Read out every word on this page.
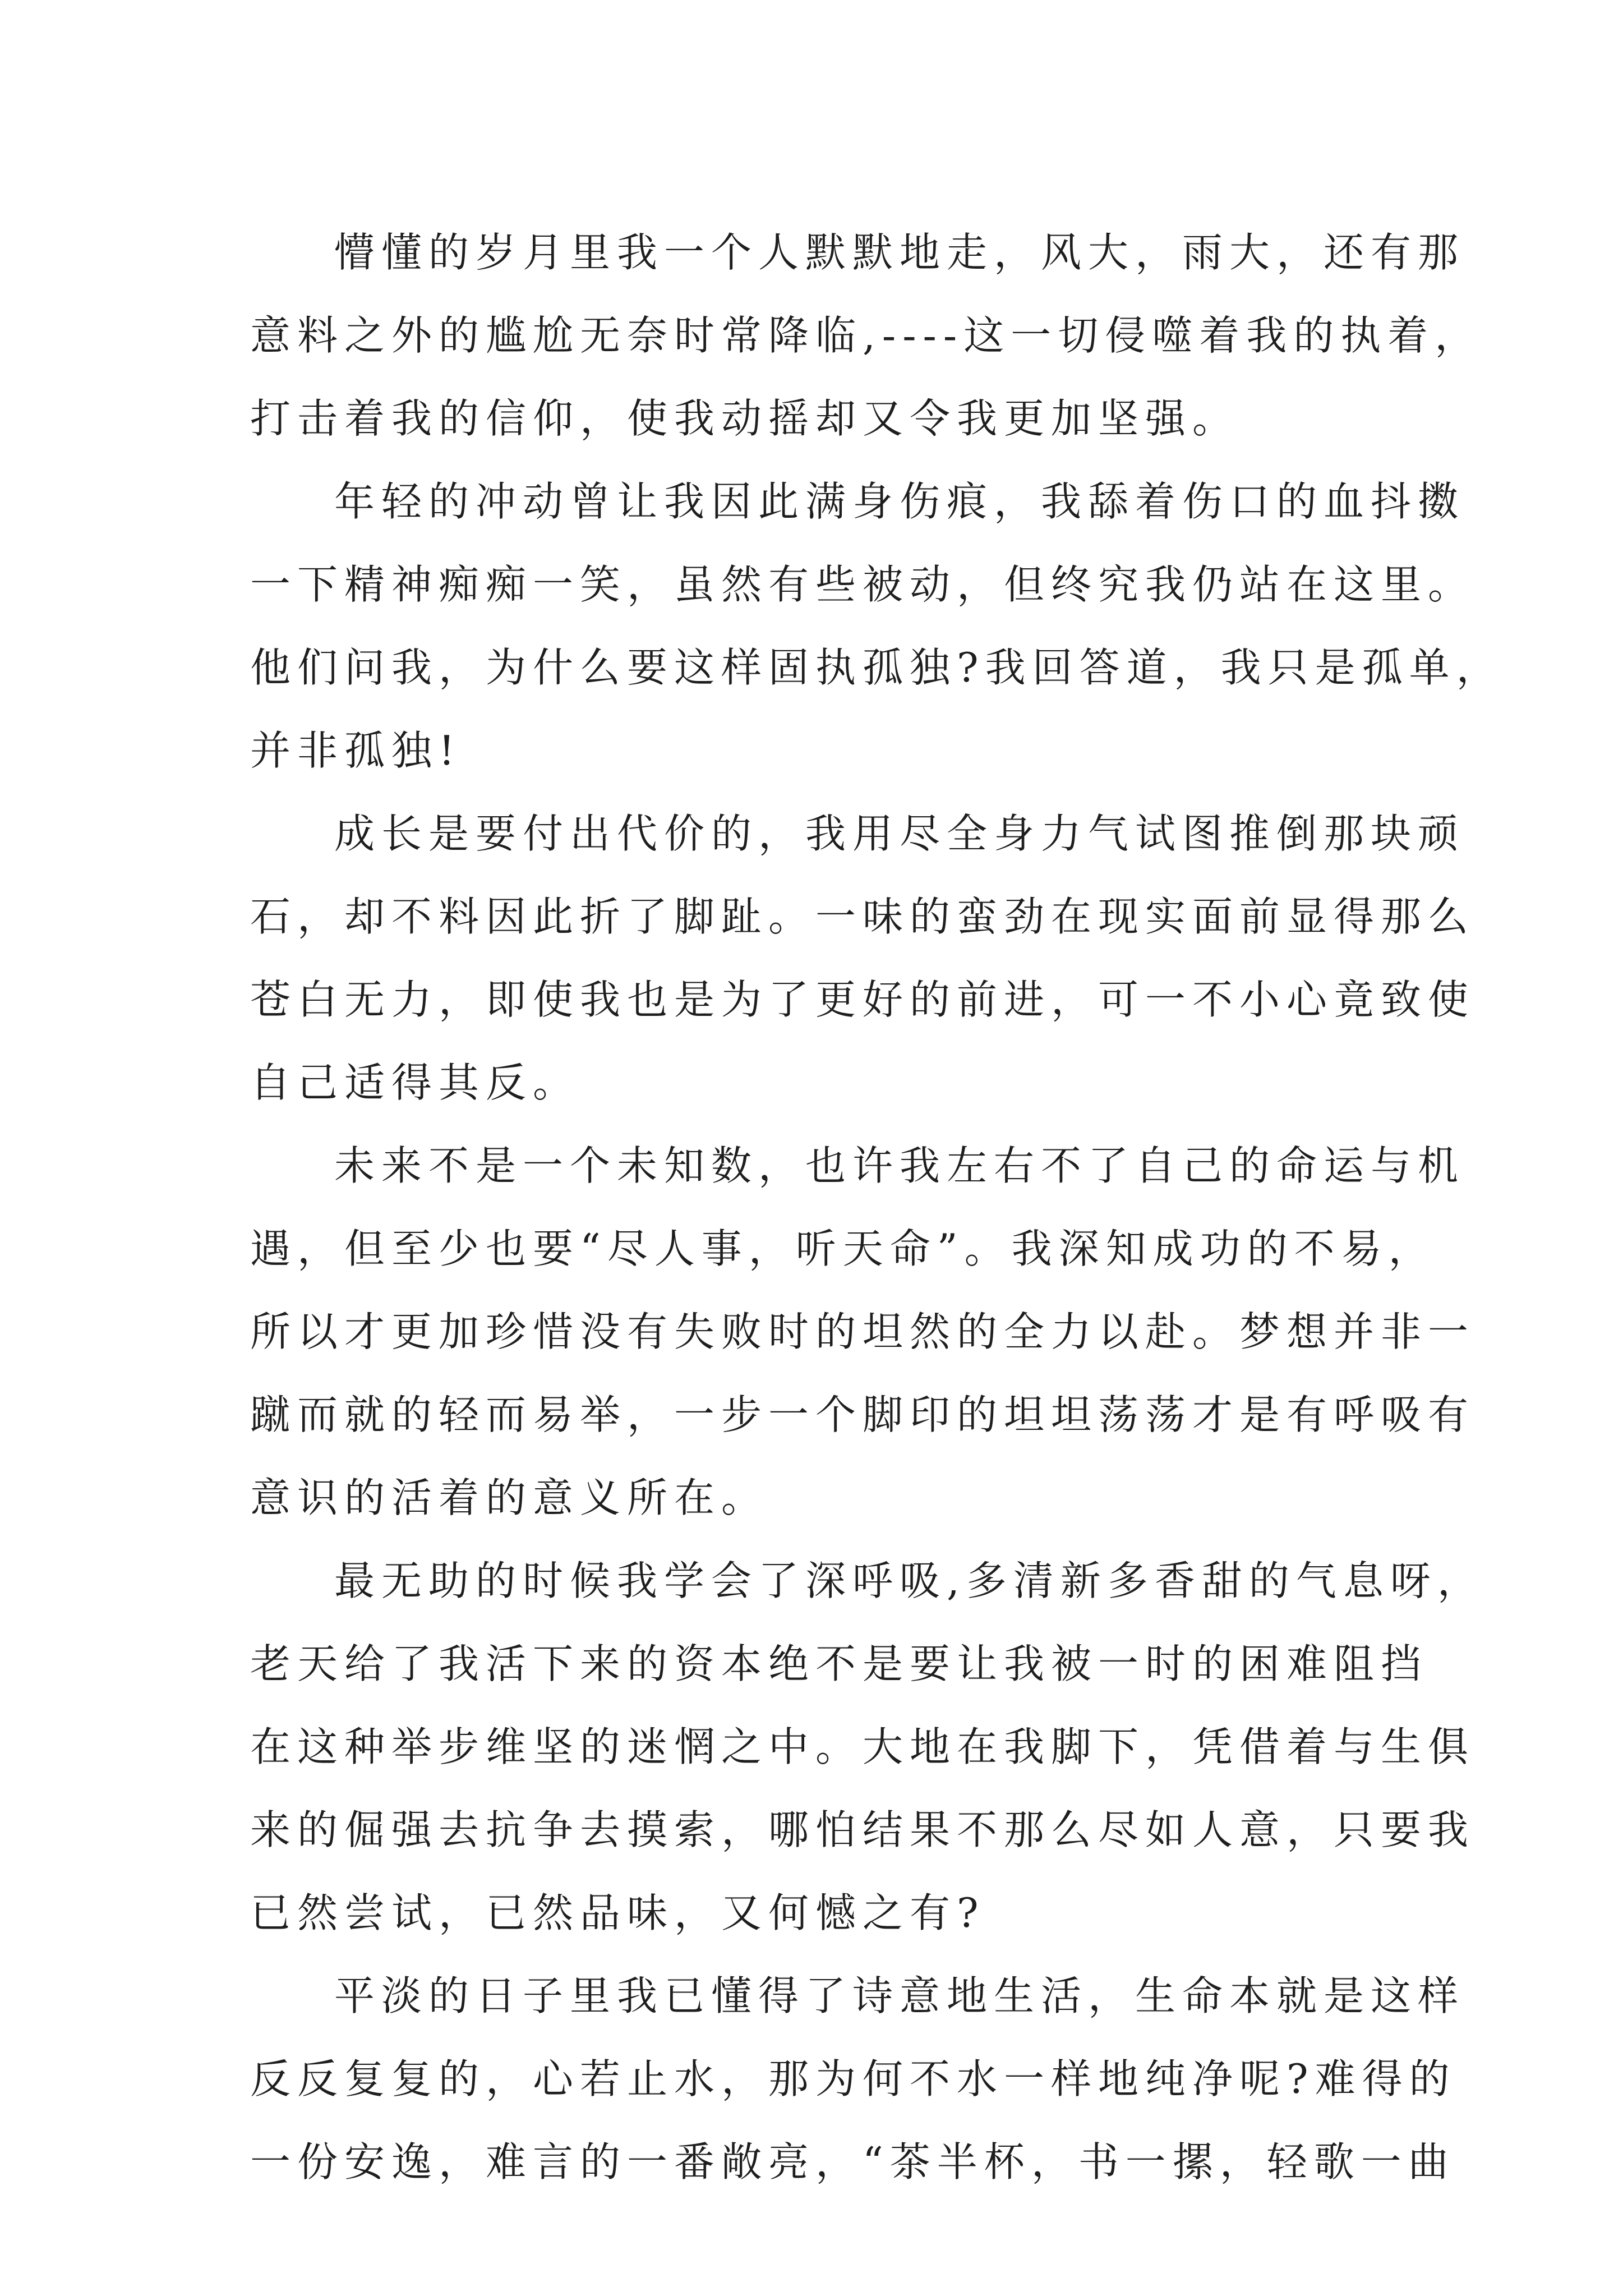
懵懂的岁月里我一个人默默地走，风大，雨大，还有那
意料之外的尴尬无奈时常降临,----这一切侵噬着我的执着，
打击着我的信仰，使我动摇却又令我更加坚强。
年轻的冲动曾让我因此满身伤痕，我舔着伤口的血抖擞
一下精神痴痴一笑，虽然有些被动，但终究我仍站在这里。
他们问我，为什么要这样固执孤独?我回答道，我只是孤单，
并非孤独!
成长是要付出代价的，我用尽全身力气试图推倒那块顽
石，却不料因此折了脚趾。一味的蛮劲在现实面前显得那么
苍白无力，即使我也是为了更好的前进，可一不小心竟致使
自己适得其反。
未来不是一个未知数，也许我左右不了自己的命运与机
遇，但至少也要“尽人事，听天命”。我深知成功的不易，
所以才更加珍惜没有失败时的坦然的全力以赴。梦想并非一
蹴而就的轻而易举，一步一个脚印的坦坦荡荡才是有呼吸有
意识的活着的意义所在。
最无助的时候我学会了深呼吸,多清新多香甜的气息呀，
老天给了我活下来的资本绝不是要让我被一时的困难阻挡
在这种举步维坚的迷惘之中。大地在我脚下，凭借着与生俱
来的倔强去抗争去摸索，哪怕结果不那么尽如人意，只要我
已然尝试，已然品味，又何憾之有?
平淡的日子里我已懂得了诗意地生活，生命本就是这样
反反复复的，心若止水，那为何不水一样地纯净呢?难得的
一份安逸，难言的一番敞亮，“茶半杯，书一摞，轻歌一曲
